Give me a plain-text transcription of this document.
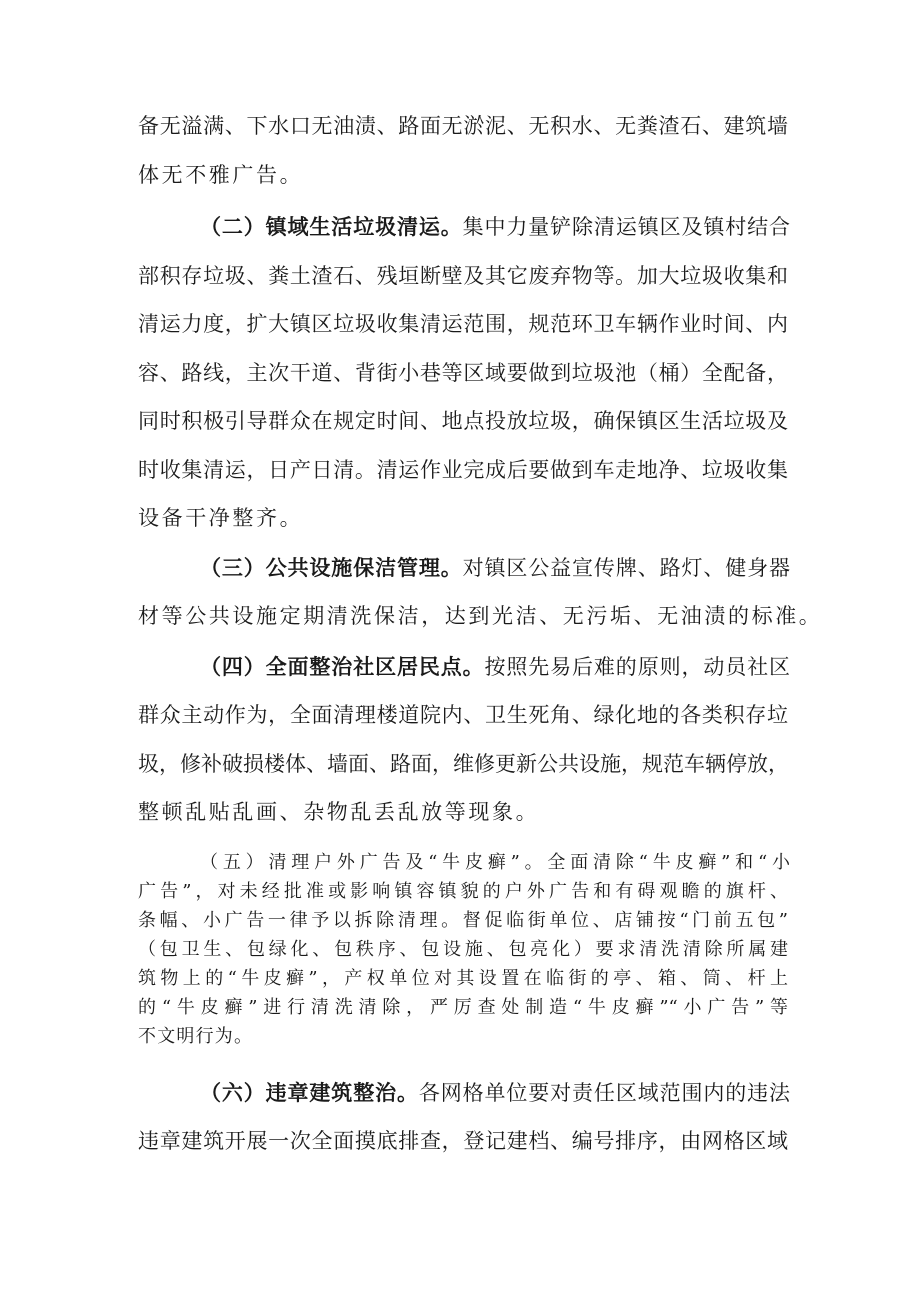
备无溢满、下水口无油渍、路面无淤泥、无积水、无粪渣石、建筑墙
体无不雅广告。
（二）镇域生活垃圾清运。集中力量铲除清运镇区及镇村结合
部积存垃圾、粪土渣石、残垣断壁及其它废弃物等。加大垃圾收集和
清运力度，扩大镇区垃圾收集清运范围，规范环卫车辆作业时间、内
容、路线，主次干道、背街小巷等区域要做到垃圾池（桶）全配备，
同时积极引导群众在规定时间、地点投放垃圾，确保镇区生活垃圾及
时收集清运，日产日清。清运作业完成后要做到车走地净、垃圾收集
设备干净整齐。
（三）公共设施保洁管理。对镇区公益宣传牌、路灯、健身器
材等公共设施定期清洗保洁，达到光洁、无污垢、无油渍的标准。
（四）全面整治社区居民点。按照先易后难的原则，动员社区
群众主动作为，全面清理楼道院内、卫生死角、绿化地的各类积存垃
圾，修补破损楼体、墙面、路面，维修更新公共设施，规范车辆停放，
整顿乱贴乱画、杂物乱丢乱放等现象。
（五）清理户外广告及“牛皮癣”。全面清除“牛皮癣”和“小
广告”，对未经批准或影响镇容镇貌的户外广告和有碍观瞻的旗杆、
条幅、小广告一律予以拆除清理。督促临街单位、店铺按“门前五包”
（包卫生、包绿化、包秩序、包设施、包亮化）要求清洗清除所属建
筑物上的“牛皮癣”，产权单位对其设置在临街的亭、箱、筒、杆上
的“牛皮癣”进行清洗清除，严厉查处制造“牛皮癣”“小广告”等
不文明行为。
（六）违章建筑整治。各网格单位要对责任区域范围内的违法
违章建筑开展一次全面摸底排查，登记建档、编号排序，由网格区域
